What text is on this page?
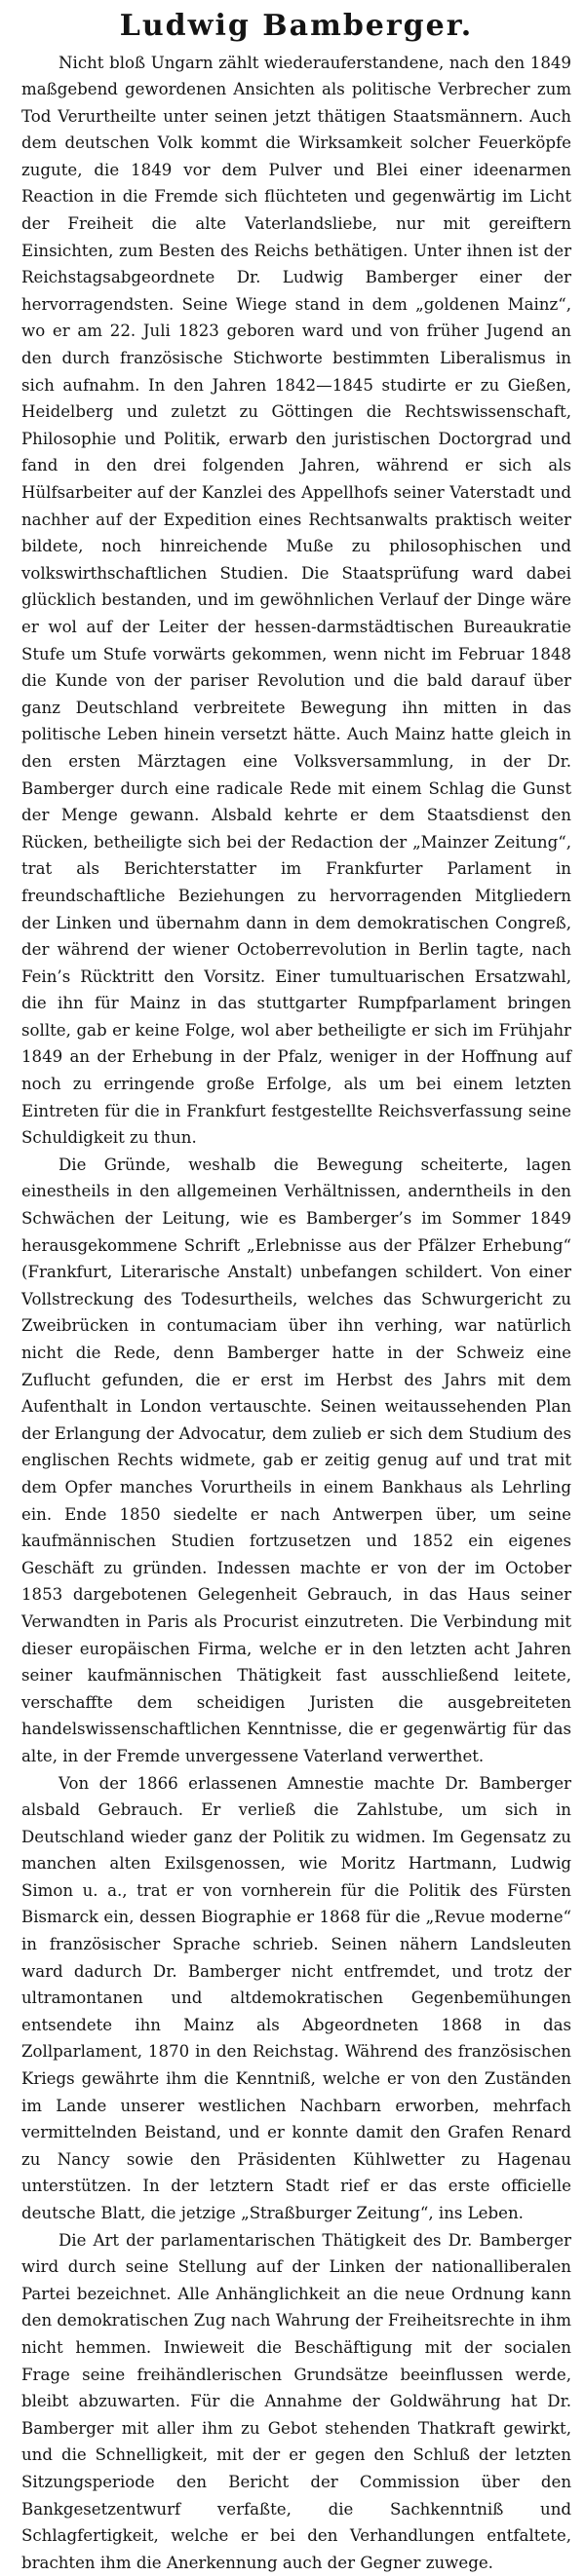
Ludwig Bamberger.

Nicht bloß Ungarn zählt wiederauferstandene, nach den 1849 maßgebend gewordenen Ansichten als politische Verbrecher zum Tod Verurtheilte unter seinen jetzt thätigen Staatsmännern. Auch dem deutschen Volk kommt die Wirksamkeit solcher Feuerköpfe zugute, die 1849 vor dem Pulver und Blei einer ideenarmen Reaction in die Fremde sich flüchteten und gegenwärtig im Licht der Freiheit die alte Vaterlandsliebe, nur mit gereiftern Einsichten, zum Besten des Reichs bethätigen. Unter ihnen ist der Reichstagsabgeordnete Dr. Ludwig Bamberger einer der hervorragendsten. Seine Wiege stand in dem „goldenen Mainz“, wo er am 22. Juli 1823 geboren ward und von früher Jugend an den durch französische Stichworte bestimmten Liberalismus in sich aufnahm. In den Jahren 1842—1845 studirte er zu Gießen, Heidelberg und zuletzt zu Göttingen die Rechtswissenschaft, Philosophie und Politik, erwarb den juristischen Doctorgrad und fand in den drei folgenden Jahren, während er sich als Hülfsarbeiter auf der Kanzlei des Appellhofs seiner Vaterstadt und nachher auf der Expedition eines Rechtsanwalts praktisch weiter bildete, noch hinreichende Muße zu philosophischen und volkswirthschaftlichen Studien. Die Staatsprüfung ward dabei glücklich bestanden, und im gewöhnlichen Verlauf der Dinge wäre er wol auf der Leiter der hessen-darmstädtischen Bureaukratie Stufe um Stufe vorwärts gekommen, wenn nicht im Februar 1848 die Kunde von der pariser Revolution und die bald darauf über ganz Deutschland verbreitete Bewegung ihn mitten in das politische Leben hinein versetzt hätte. Auch Mainz hatte gleich in den ersten Märztagen eine Volksversammlung, in der Dr. Bamberger durch eine radicale Rede mit einem Schlag die Gunst der Menge gewann. Alsbald kehrte er dem Staatsdienst den Rücken, betheiligte sich bei der Redaction der „Mainzer Zeitung“, trat als Berichterstatter im Frankfurter Parlament in freundschaftliche Beziehungen zu hervorragenden Mitgliedern der Linken und übernahm dann in dem demokratischen Congreß, der während der wiener Octoberrevolution in Berlin tagte, nach Fein’s Rücktritt den Vorsitz. Einer tumultuarischen Ersatzwahl, die ihn für Mainz in das stuttgarter Rumpfparlament bringen sollte, gab er keine Folge, wol aber betheiligte er sich im Frühjahr 1849 an der Erhebung in der Pfalz, weniger in der Hoffnung auf noch zu erringende große Erfolge, als um bei einem letzten Eintreten für die in Frankfurt festgestellte Reichsverfassung seine Schuldigkeit zu thun.

Die Gründe, weshalb die Bewegung scheiterte, lagen einestheils in den allgemeinen Verhältnissen, anderntheils in den Schwächen der Leitung, wie es Bamberger’s im Sommer 1849 herausgekommene Schrift „Erlebnisse aus der Pfälzer Erhebung“ (Frankfurt, Literarische Anstalt) unbefangen schildert. Von einer Vollstreckung des Todesurtheils, welches das Schwurgericht zu Zweibrücken in contumaciam über ihn verhing, war natürlich nicht die Rede, denn Bamberger hatte in der Schweiz eine Zuflucht gefunden, die er erst im Herbst des Jahrs mit dem Aufenthalt in London vertauschte. Seinen weitaussehenden Plan der Erlangung der Advocatur, dem zulieb er sich dem Studium des englischen Rechts widmete, gab er zeitig genug auf und trat mit dem Opfer manches Vorurtheils in einem Bankhaus als Lehrling ein. Ende 1850 siedelte er nach Antwerpen über, um seine kaufmännischen Studien fortzusetzen und 1852 ein eigenes Geschäft zu gründen. Indessen machte er von der im October 1853 dargebotenen Gelegenheit Gebrauch, in das Haus seiner Verwandten in Paris als Procurist einzutreten. Die Verbindung mit dieser europäischen Firma, welche er in den letzten acht Jahren seiner kaufmännischen Thätigkeit fast ausschließend leitete, verschaffte dem scheidigen Juristen die ausgebreiteten handelswissenschaftlichen Kenntnisse, die er gegenwärtig für das alte, in der Fremde unvergessene Vaterland verwerthet.

Von der 1866 erlassenen Amnestie machte Dr. Bamberger alsbald Gebrauch. Er verließ die Zahlstube, um sich in Deutschland wieder ganz der Politik zu widmen. Im Gegensatz zu manchen alten Exilsgenossen, wie Moritz Hartmann, Ludwig Simon u. a., trat er von vornherein für die Politik des Fürsten Bismarck ein, dessen Biographie er 1868 für die „Revue moderne“ in französischer Sprache schrieb. Seinen nähern Landsleuten ward dadurch Dr. Bamberger nicht entfremdet, und trotz der ultramontanen und altdemokratischen Gegenbemühungen entsendete ihn Mainz als Abgeordneten 1868 in das Zollparlament, 1870 in den Reichstag. Während des französischen Kriegs gewährte ihm die Kenntniß, welche er von den Zuständen im Lande unserer westlichen Nachbarn erworben, mehrfach vermittelnden Beistand, und er konnte damit den Grafen Renard zu Nancy sowie den Präsidenten Kühlwetter zu Hagenau unterstützen. In der letztern Stadt rief er das erste officielle deutsche Blatt, die jetzige „Straßburger Zeitung“, ins Leben.

Die Art der parlamentarischen Thätigkeit des Dr. Bamberger wird durch seine Stellung auf der Linken der nationalliberalen Partei bezeichnet. Alle Anhänglichkeit an die neue Ordnung kann den demokratischen Zug nach Wahrung der Freiheitsrechte in ihm nicht hemmen. Inwieweit die Beschäftigung mit der socialen Frage seine freihändlerischen Grundsätze beeinflussen werde, bleibt abzuwarten. Für die Annahme der Goldwährung hat Dr. Bamberger mit aller ihm zu Gebot stehenden Thatkraft gewirkt, und die Schnelligkeit, mit der er gegen den Schluß der letzten Sitzungsperiode den Bericht der Commission über den Bankgesetzentwurf verfaßte, die Sachkenntniß und Schlagfertigkeit, welche er bei den Verhandlungen entfaltete, brachten ihm die Anerkennung auch der Gegner zuwege.
